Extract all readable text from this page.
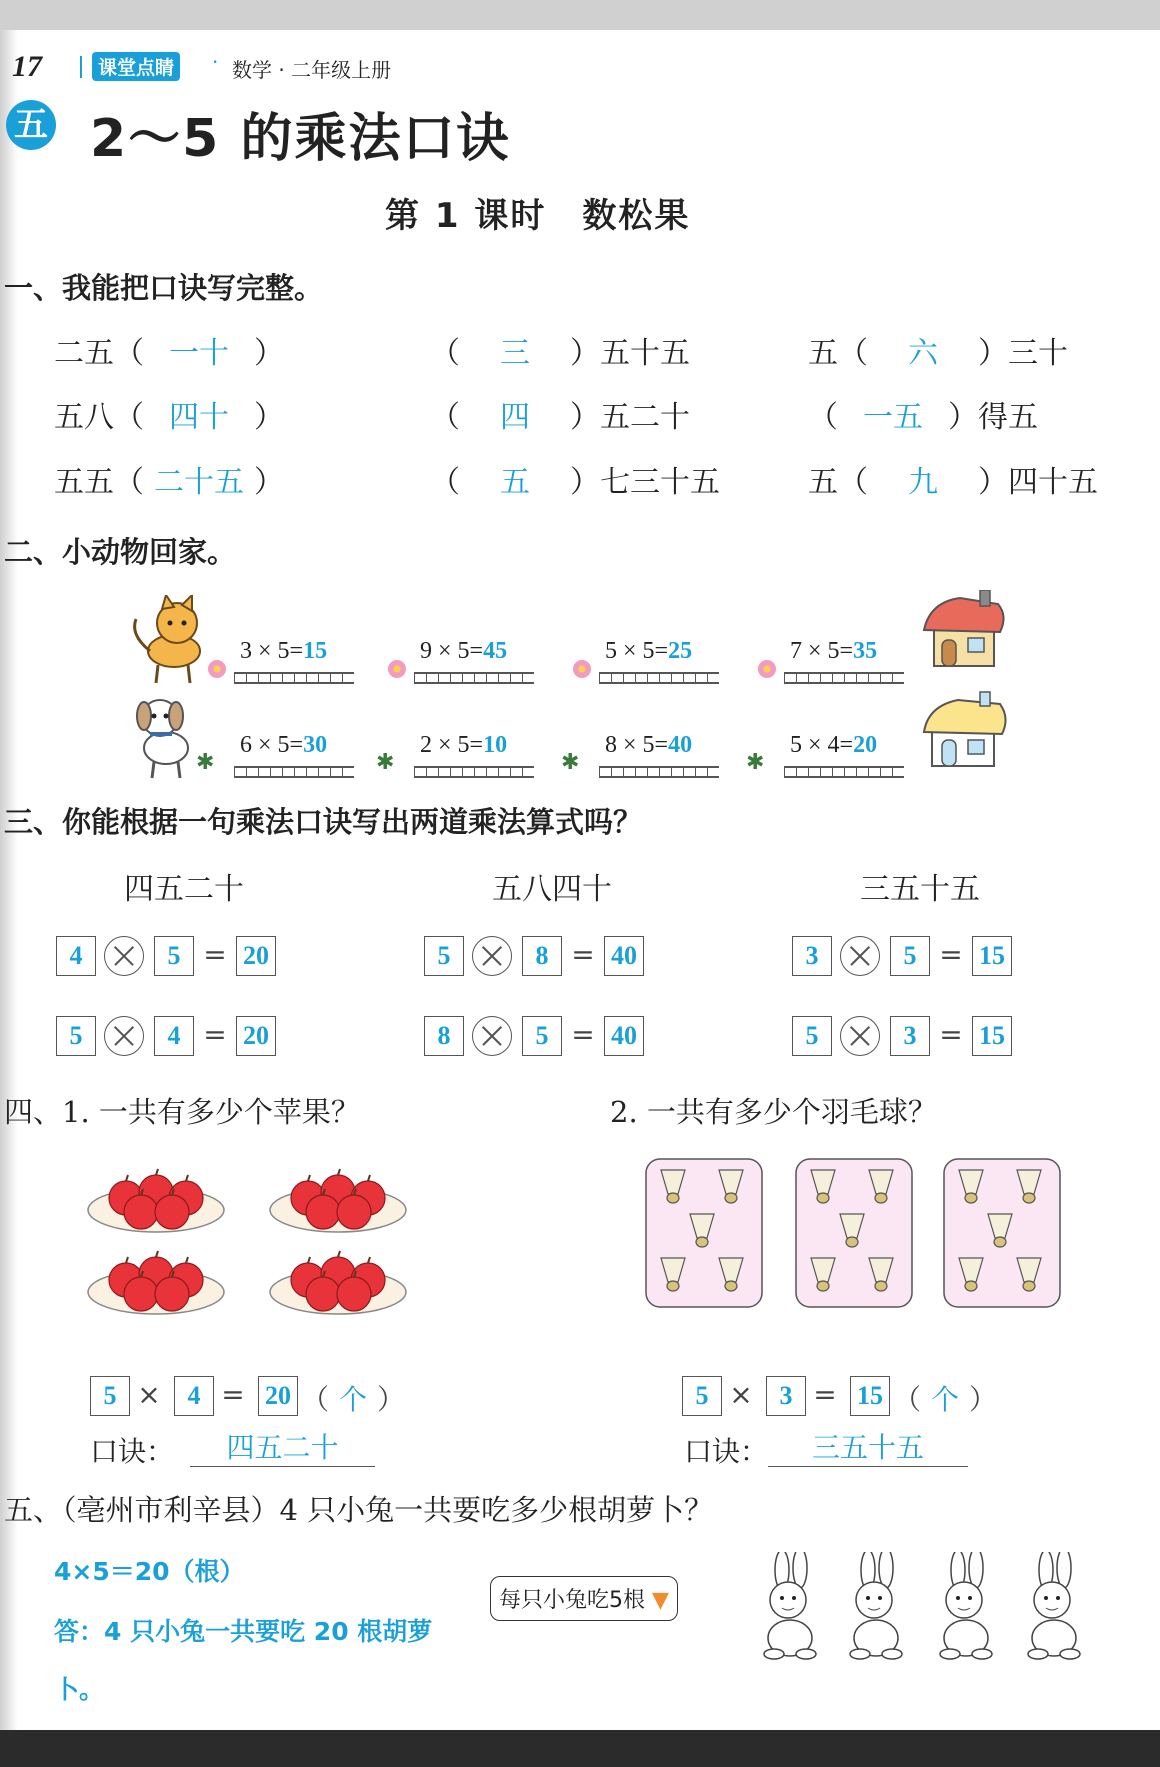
17	课堂点睛	· 数学 · 二年级上册
五 2～5 的乘法口诀
第 1 课时　数松果
一、我能把口诀写完整。
二五（ 一十 ）	（ 三 ）五十五	五（ 六 ）三十
五八（ 四十 ）	（ 四 ）五二十	（ 一五 ）得五
五五（ 二十五 ）	（ 五 ）七三十五	五（ 九 ）四十五
二、小动物回家。
3 × 5=15	9 × 5=45	5 × 5=25	7 × 5=35
✱
6 × 5=30
✱
2 × 5=10
✱
8 × 5=40
✱
5 × 4=20
三、你能根据一句乘法口诀写出两道乘法算式吗？
四五二十
4	5 = 20
5	4 = 20
五八四十
5	8 = 40
8	5 = 40
三五十五
3	5 = 15
5	3 = 15
四、1. 一共有多少个苹果？	2. 一共有多少个羽毛球？
5 ×	4 = 20 （ 个 ）	5 ×	3 = 15 （ 个 ）
口诀：	四五二十	口诀：	三五十五
五、（亳州市利辛县）4 只小兔一共要吃多少根胡萝卜？
4×5＝20（根）
答：4 只小兔一共要吃 20 根胡萝
卜。
每只小兔吃5根 ▼
